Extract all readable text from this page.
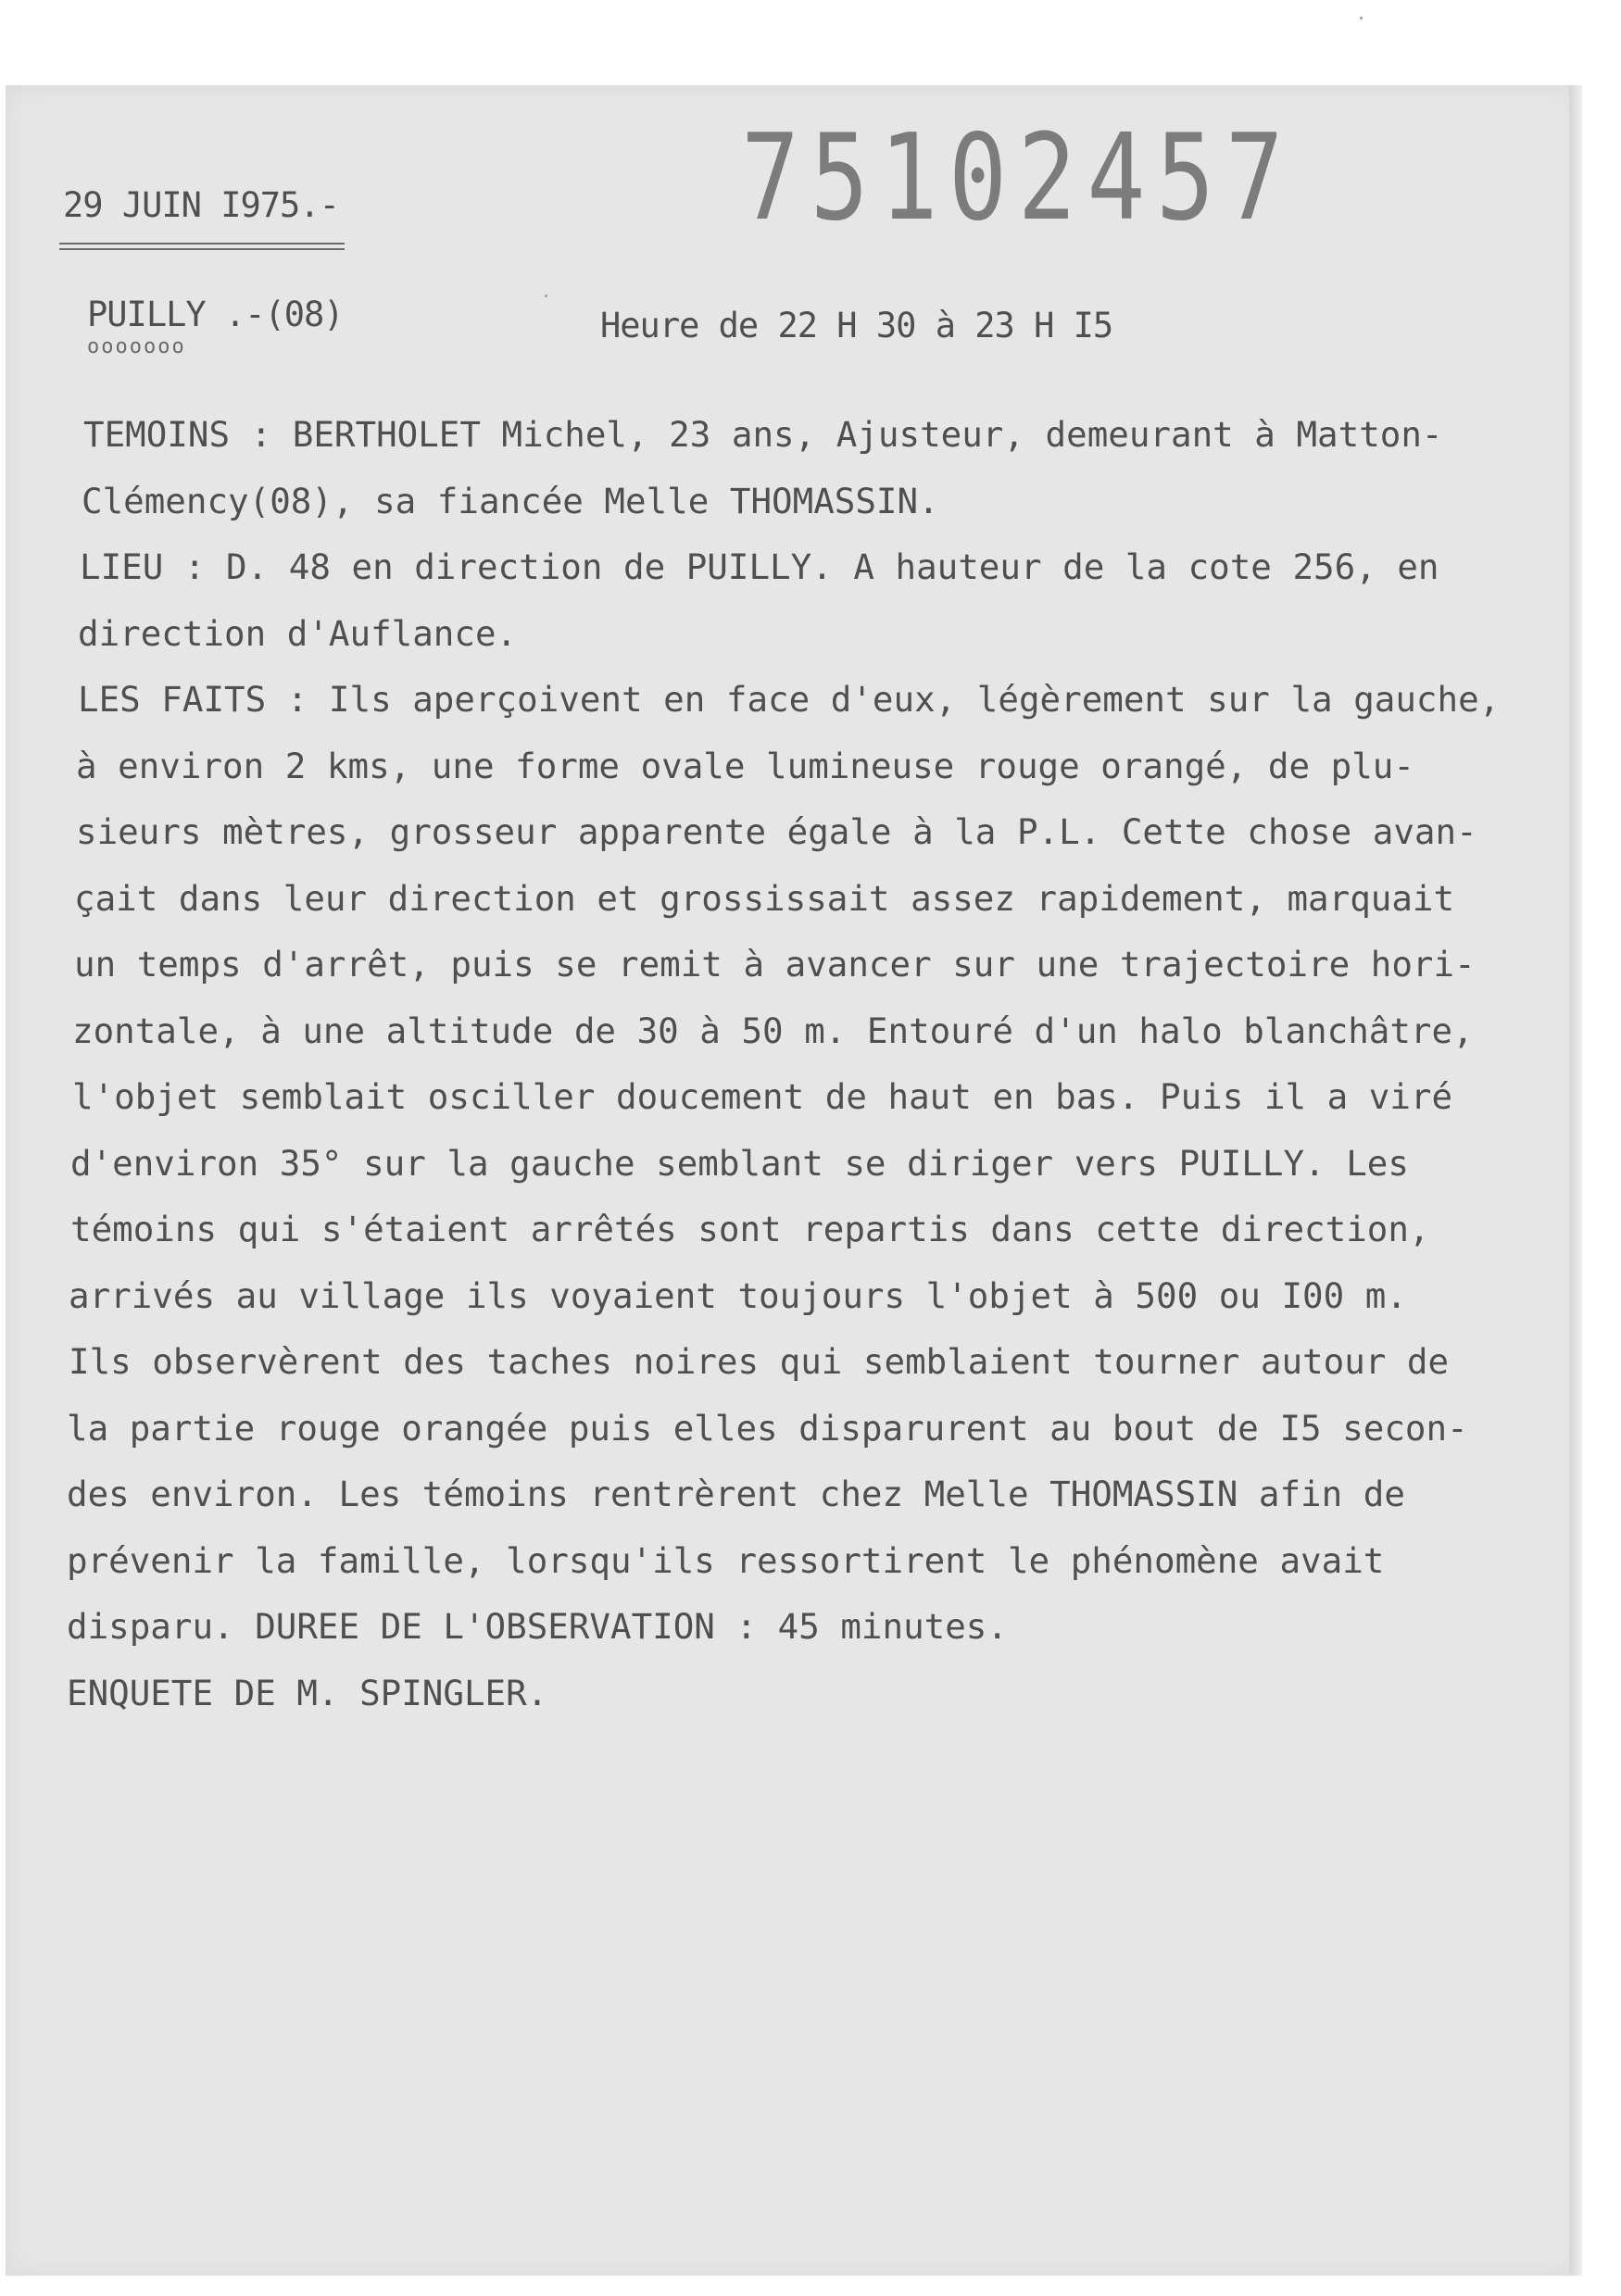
29 JUIN I975.-	75102457
PUILLY .-(08)
ooooooo
Heure de 22 H 30 à 23 H I5
TEMOINS : BERTHOLET Michel, 23 ans, Ajusteur, demeurant à Matton-
Clémency(08), sa fiancée Melle THOMASSIN.
LIEU : D. 48 en direction de PUILLY. A hauteur de la cote 256, en
direction d'Auflance.
LES FAITS : Ils aperçoivent en face d'eux, légèrement sur la gauche,
à environ 2 kms, une forme ovale lumineuse rouge orangé, de plu-
sieurs mètres, grosseur apparente égale à la P.L. Cette chose avan-
çait dans leur direction et grossissait assez rapidement, marquait
un temps d'arrêt, puis se remit à avancer sur une trajectoire hori-
zontale, à une altitude de 30 à 50 m. Entouré d'un halo blanchâtre,
l'objet semblait osciller doucement de haut en bas. Puis il a viré
d'environ 35° sur la gauche semblant se diriger vers PUILLY. Les
témoins qui s'étaient arrêtés sont repartis dans cette direction,
arrivés au village ils voyaient toujours l'objet à 500 ou I00 m.
Ils observèrent des taches noires qui semblaient tourner autour de
la partie rouge orangée puis elles disparurent au bout de I5 secon-
des environ. Les témoins rentrèrent chez Melle THOMASSIN afin de
prévenir la famille, lorsqu'ils ressortirent le phénomène avait
disparu. DUREE DE L'OBSERVATION : 45 minutes.
ENQUETE DE M. SPINGLER.
